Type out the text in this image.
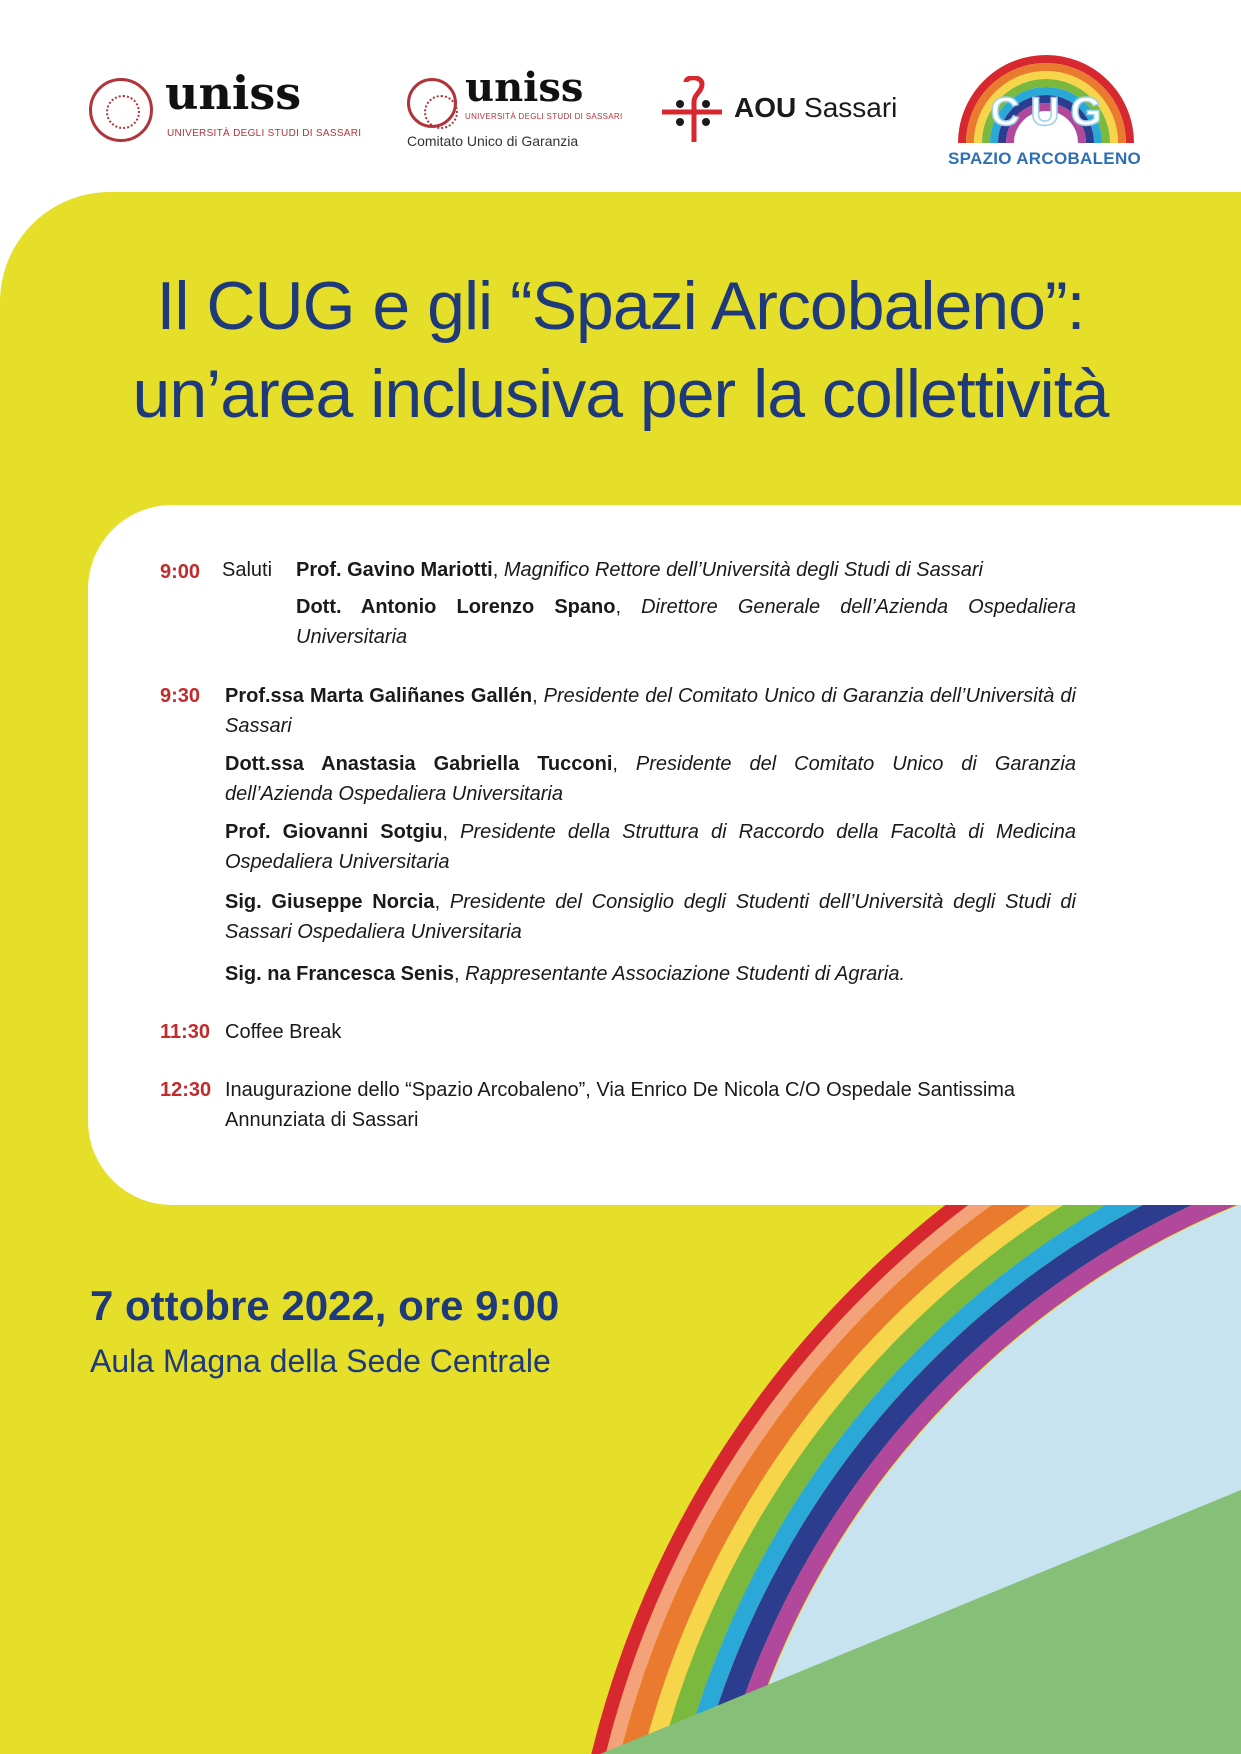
uniss
UNIVERSITÀ DEGLI STUDI DI SASSARI
uniss
UNIVERSITÀ DEGLI STUDI DI SASSARI
Comitato Unico di Garanzia
AOU Sassari C U G
SPAZIO ARCOBALENO
Il CUG e gli “Spazi Arcobaleno”:
un’area inclusiva per la collettività
9:00 Saluti Prof. Gavino Mariotti, Magnifico Rettore dell’Università degli Studi di Sassari
Dott. Antonio Lorenzo Spano, Direttore Generale dell’Azienda Ospedaliera Universitaria
9:30 Prof.ssa Marta Galiñanes Gallén, Presidente del Comitato Unico di Garanzia dell’Università di Sassari
Dott.ssa Anastasia Gabriella Tucconi, Presidente del Comitato Unico di Garanzia dell’Azienda Ospedaliera Universitaria
Prof. Giovanni Sotgiu, Presidente della Struttura di Raccordo della Facoltà di Medicina Ospedaliera Universitaria
Sig. Giuseppe Norcia, Presidente del Consiglio degli Studenti dell’Università degli Studi di Sassari Ospedaliera Universitaria
Sig. na Francesca Senis, Rappresentante Associazione Studenti di Agraria.
11:30 Coffee Break
12:30 Inaugurazione dello “Spazio Arcobaleno”, Via Enrico De Nicola C/O Ospedale Santissima Annunziata di Sassari
7 ottobre 2022, ore 9:00
Aula Magna della Sede Centrale
